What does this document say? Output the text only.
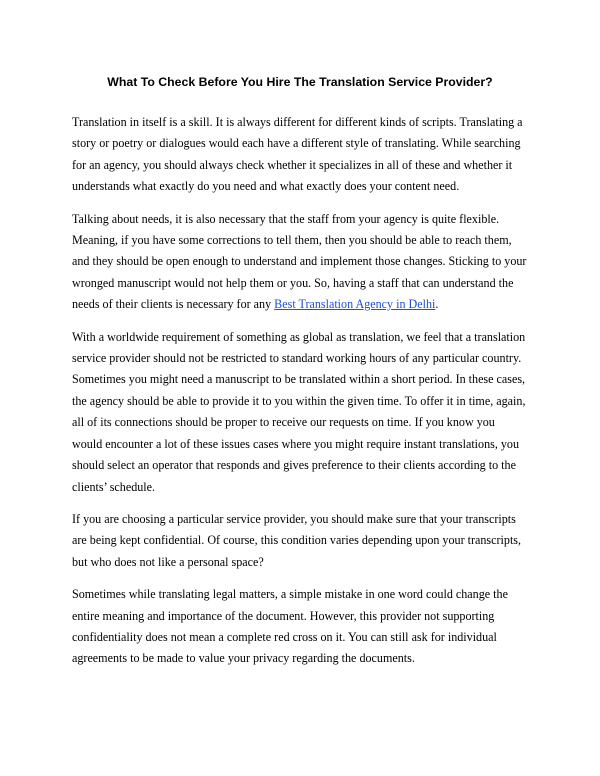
What To Check Before You Hire The Translation Service Provider?

Translation in itself is a skill. It is always different for different kinds of scripts. Translating a story or poetry or dialogues would each have a different style of translating. While searching for an agency, you should always check whether it specializes in all of these and whether it understands what exactly do you need and what exactly does your content need.

Talking about needs, it is also necessary that the staff from your agency is quite flexible. Meaning, if you have some corrections to tell them, then you should be able to reach them, and they should be open enough to understand and implement those changes. Sticking to your wronged manuscript would not help them or you. So, having a staff that can understand the needs of their clients is necessary for any Best Translation Agency in Delhi.

With a worldwide requirement of something as global as translation, we feel that a translation service provider should not be restricted to standard working hours of any particular country. Sometimes you might need a manuscript to be translated within a short period. In these cases, the agency should be able to provide it to you within the given time. To offer it in time, again, all of its connections should be proper to receive our requests on time. If you know you would encounter a lot of these issues cases where you might require instant translations, you should select an operator that responds and gives preference to their clients according to the clients’ schedule.

If you are choosing a particular service provider, you should make sure that your transcripts are being kept confidential. Of course, this condition varies depending upon your transcripts, but who does not like a personal space?

Sometimes while translating legal matters, a simple mistake in one word could change the entire meaning and importance of the document. However, this provider not supporting confidentiality does not mean a complete red cross on it. You can still ask for individual agreements to be made to value your privacy regarding the documents.
